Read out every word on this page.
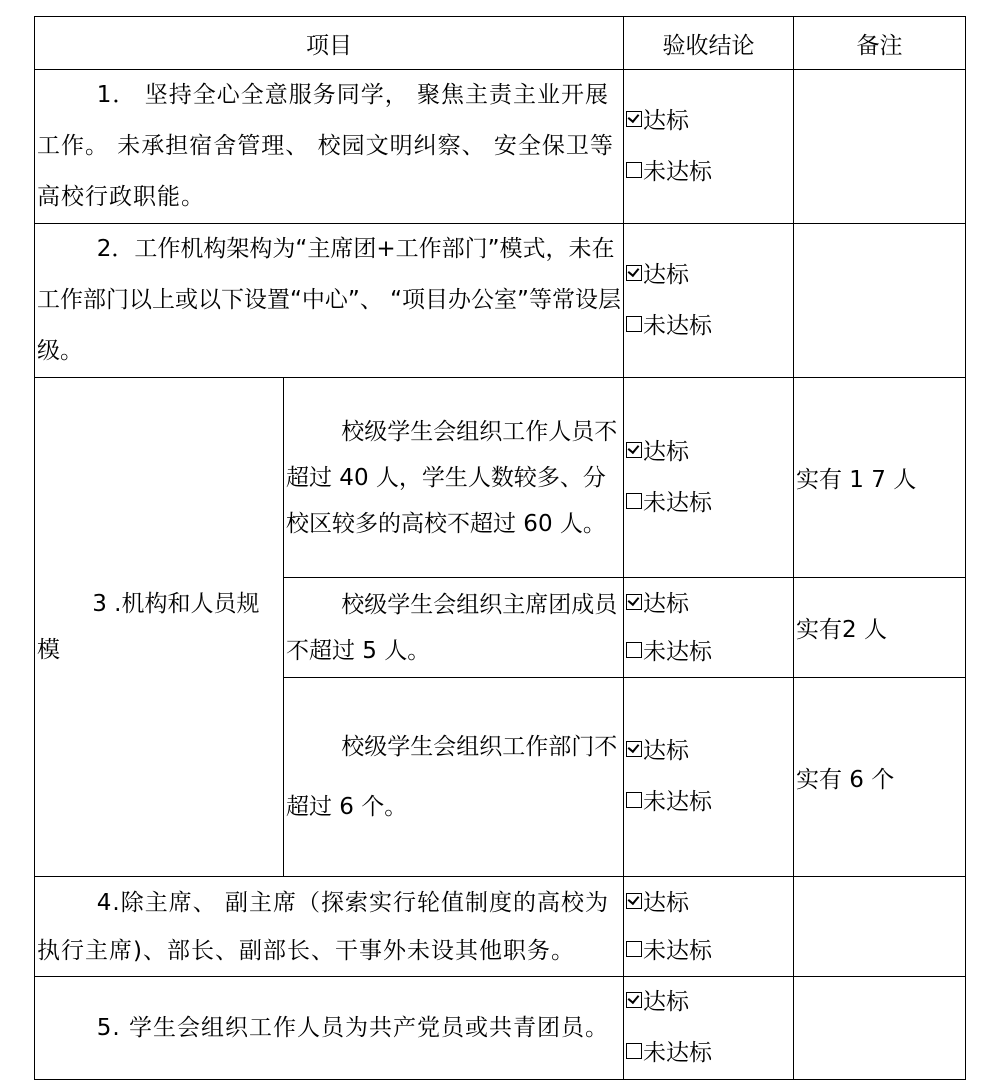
项目		验收结论	备注
1． 坚持全心全意服务同学， 聚焦主责主业开展工作。 未承担宿舍管理、 校园文明纠察、 安全保卫等高校行政职能。		达标
未达标	

2．工作机构架构为“主席团+工作部门”模式，未在工作部门以上或以下设置“中心”、 “项目办公室”等常设层级。		达标
未达标	

3 .机构和人员规模	校级学生会组织工作人员不超过 40 人，学生人数较多、分校区较多的高校不超过 60 人。	达标
未达标	实有 1 7 人
	校级学生会组织主席团成员不超过 5 人。	达标
未达标	实有2 人
	校级学生会组织工作部门不超过 6 个。	达标
未达标	实有 6 个
4.除主席、 副主席（探索实行轮值制度的高校为执行主席)、部长、副部长、干事外未设其他职务。		达标
未达标	

5. 学生会组织工作人员为共产党员或共青团员。		达标
未达标	
